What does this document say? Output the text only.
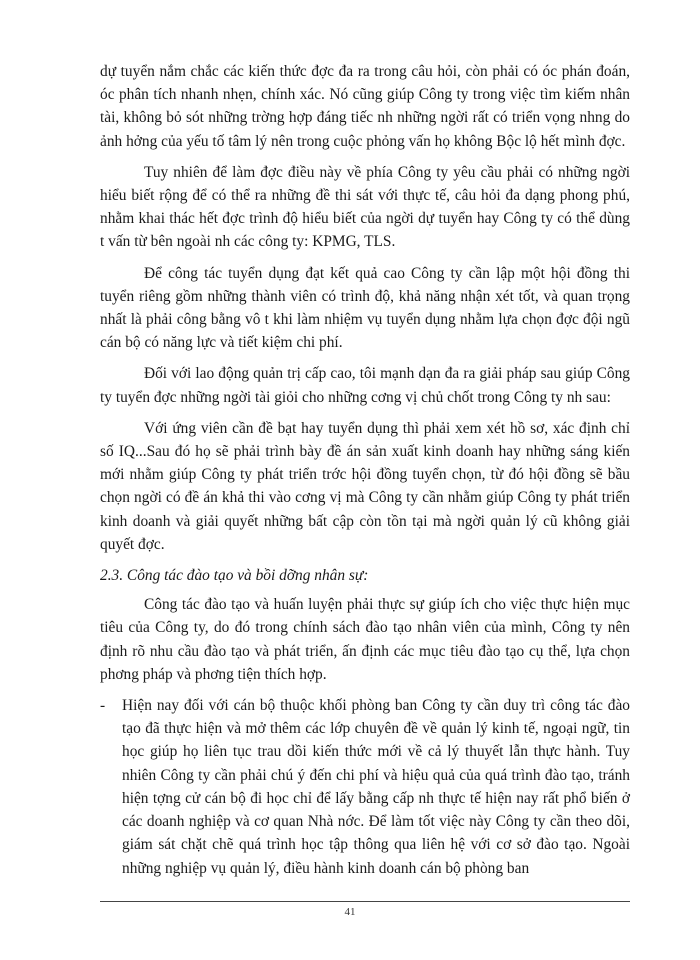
dự tuyển nắm chắc các kiến thức đợc đa ra trong câu hỏi, còn phải có óc phán đoán, óc phân tích nhanh nhẹn, chính xác. Nó cũng giúp Công ty trong việc tìm kiếm nhân tài, không bỏ sót những trờng hợp đáng tiếc nh những ngời rất có triển vọng nhng do ảnh hởng của yếu tố tâm lý nên trong cuộc phỏng vấn họ không Bộc lộ hết mình đợc.

Tuy nhiên để làm đợc điều này về phía Công ty yêu cầu phải có những ngời hiểu biết rộng để có thể ra những đề thi sát với thực tế, câu hỏi đa dạng phong phú, nhằm khai thác hết đợc trình độ hiểu biết của ngời dự tuyển hay Công ty có thể dùng t vấn từ bên ngoài nh các công ty: KPMG, TLS.

Để công tác tuyển dụng đạt kết quả cao Công ty cần lập một hội đồng thi tuyển riêng gồm những thành viên có trình độ, khả năng nhận xét tốt, và quan trọng nhất là phải công bằng vô t khi làm nhiệm vụ tuyển dụng nhằm lựa chọn đợc đội ngũ cán bộ có năng lực và tiết kiệm chi phí.

Đối với lao động quản trị cấp cao, tôi mạnh dạn đa ra giải pháp sau giúp Công ty tuyển đợc những ngời tài giỏi cho những cơng vị chủ chốt trong Công ty nh sau:

Với ứng viên cần đề bạt hay tuyển dụng thì phải xem xét hồ sơ, xác định chỉ số IQ...Sau đó họ sẽ phải trình bày đề án sản xuất kinh doanh hay những sáng kiến mới nhằm giúp Công ty phát triển trớc hội đồng tuyển chọn, từ đó hội đồng sẽ bầu chọn ngời có đề án khả thi vào cơng vị mà Công ty cần nhằm giúp Công ty phát triển kinh doanh và giải quyết những bất cập còn tồn tại mà ngời quản lý cũ không giải quyết đợc.

2.3. Công tác đào tạo và bồi dỡng nhân sự:

Công tác đào tạo và huấn luyện phải thực sự giúp ích cho việc thực hiện mục tiêu của Công ty, do đó trong chính sách đào tạo nhân viên của mình, Công ty nên định rõ nhu cầu đào tạo và phát triển, ấn định các mục tiêu đào tạo cụ thể, lựa chọn phơng pháp và phơng tiện thích hợp.

- Hiện nay đối với cán bộ thuộc khối phòng ban Công ty cần duy trì công tác đào tạo đã thực hiện và mở thêm các lớp chuyên đề về quản lý kinh tế, ngoại ngữ, tin học giúp họ liên tục trau dồi kiến thức mới về cả lý thuyết lẫn thực hành. Tuy nhiên Công ty cần phải chú ý đến chi phí và hiệu quả của quá trình đào tạo, tránh hiện tợng cử cán bộ đi học chỉ để lấy bằng cấp nh thực tế hiện nay rất phổ biến ở các doanh nghiệp và cơ quan Nhà nớc. Để làm tốt việc này Công ty cần theo dõi, giám sát chặt chẽ quá trình học tập thông qua liên hệ với cơ sở đào tạo. Ngoài những nghiệp vụ quản lý, điều hành kinh doanh cán bộ phòng ban

41
